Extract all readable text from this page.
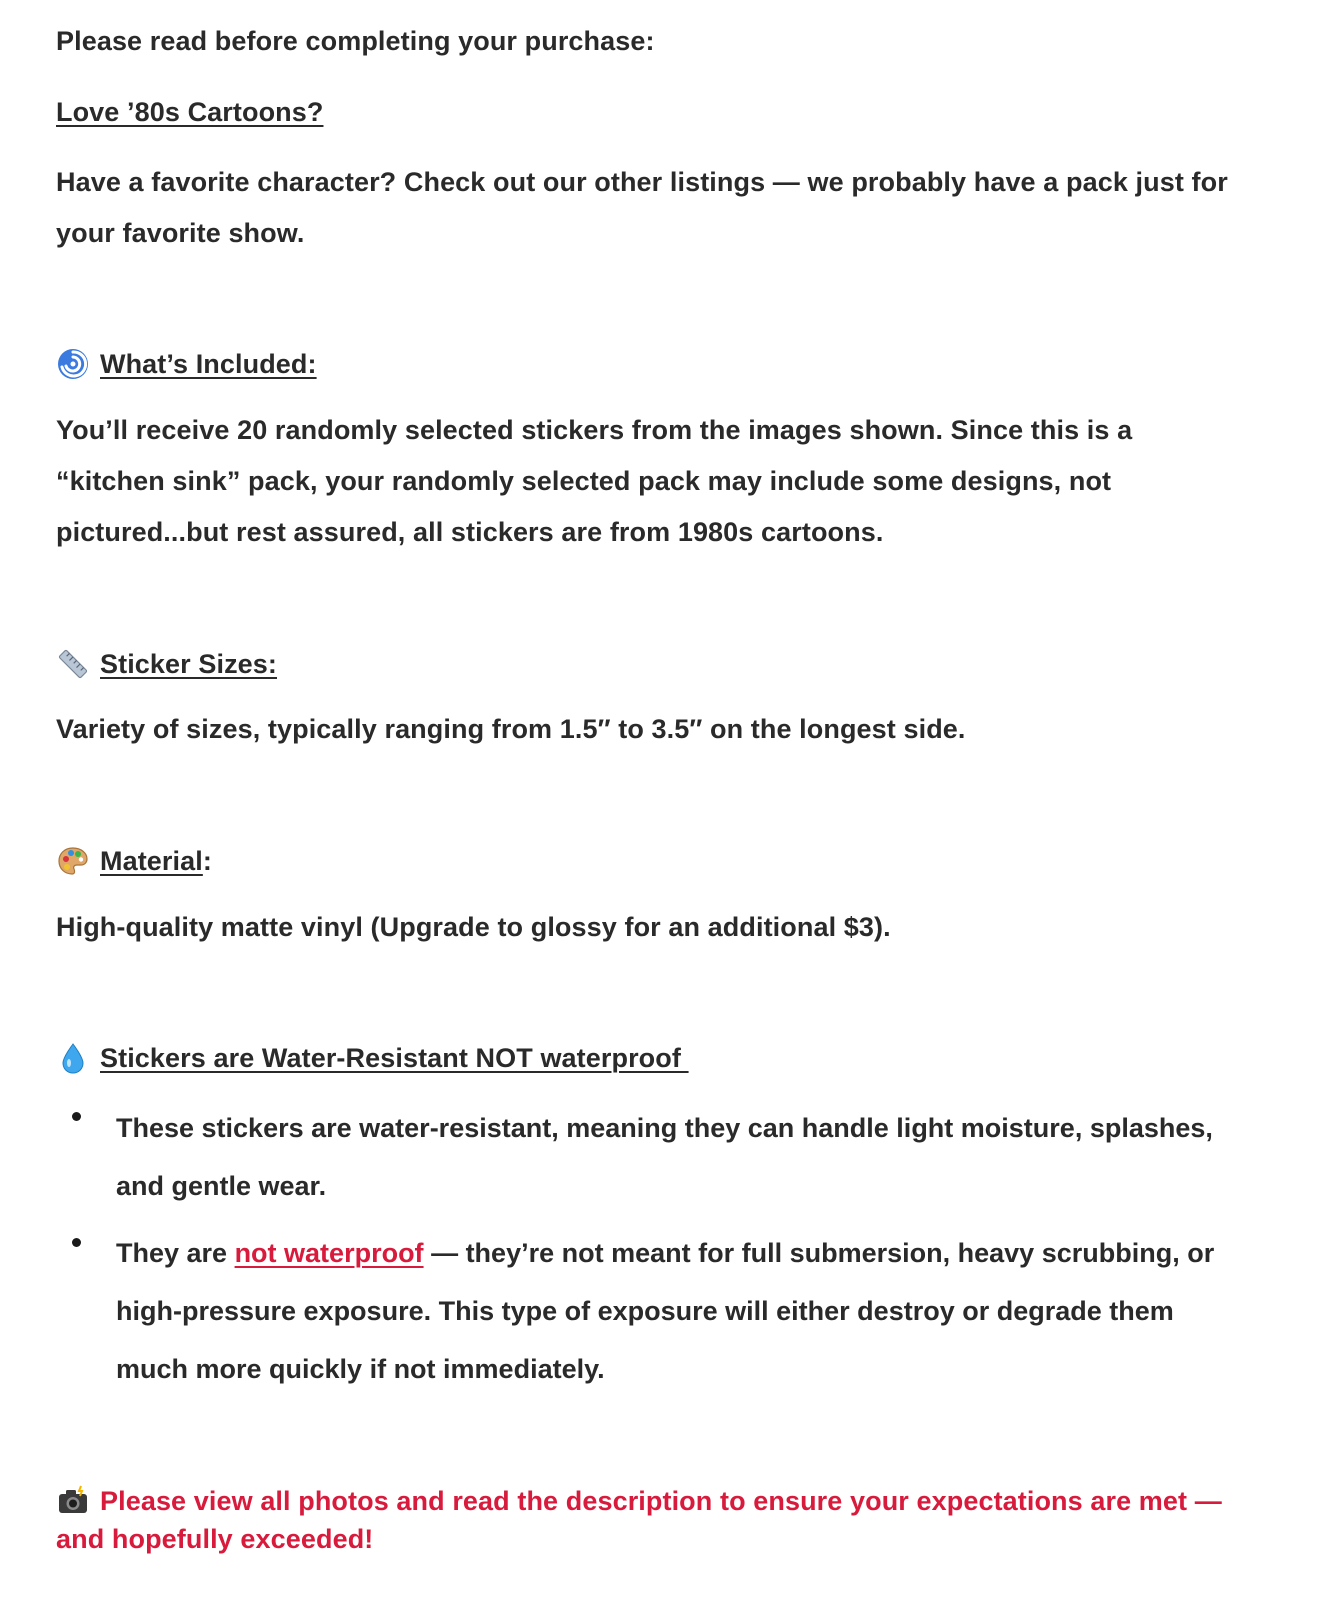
Please read before completing your purchase:
Love ’80s Cartoons?
Have a favorite character? Check out our other listings — we probably have a pack just for
your favorite show.
What’s Included:
You’ll receive 20 randomly selected stickers from the images shown. Since this is a
“kitchen sink” pack, your randomly selected pack may include some designs, not
pictured...but rest assured, all stickers are from 1980s cartoons.
Sticker Sizes:
Variety of sizes, typically ranging from 1.5″ to 3.5″ on the longest side.
Material :
High-quality matte vinyl (Upgrade to glossy for an additional $3).
Stickers are Water-Resistant NOT waterproof
These stickers are water-resistant, meaning they can handle light moisture, splashes,
and gentle wear.
They are not waterproof — they’re not meant for full submersion, heavy scrubbing, or
high-pressure exposure. This type of exposure will either destroy or degrade them
much more quickly if not immediately.
Please view all photos and read the description to ensure your expectations are met —
and hopefully exceeded!
